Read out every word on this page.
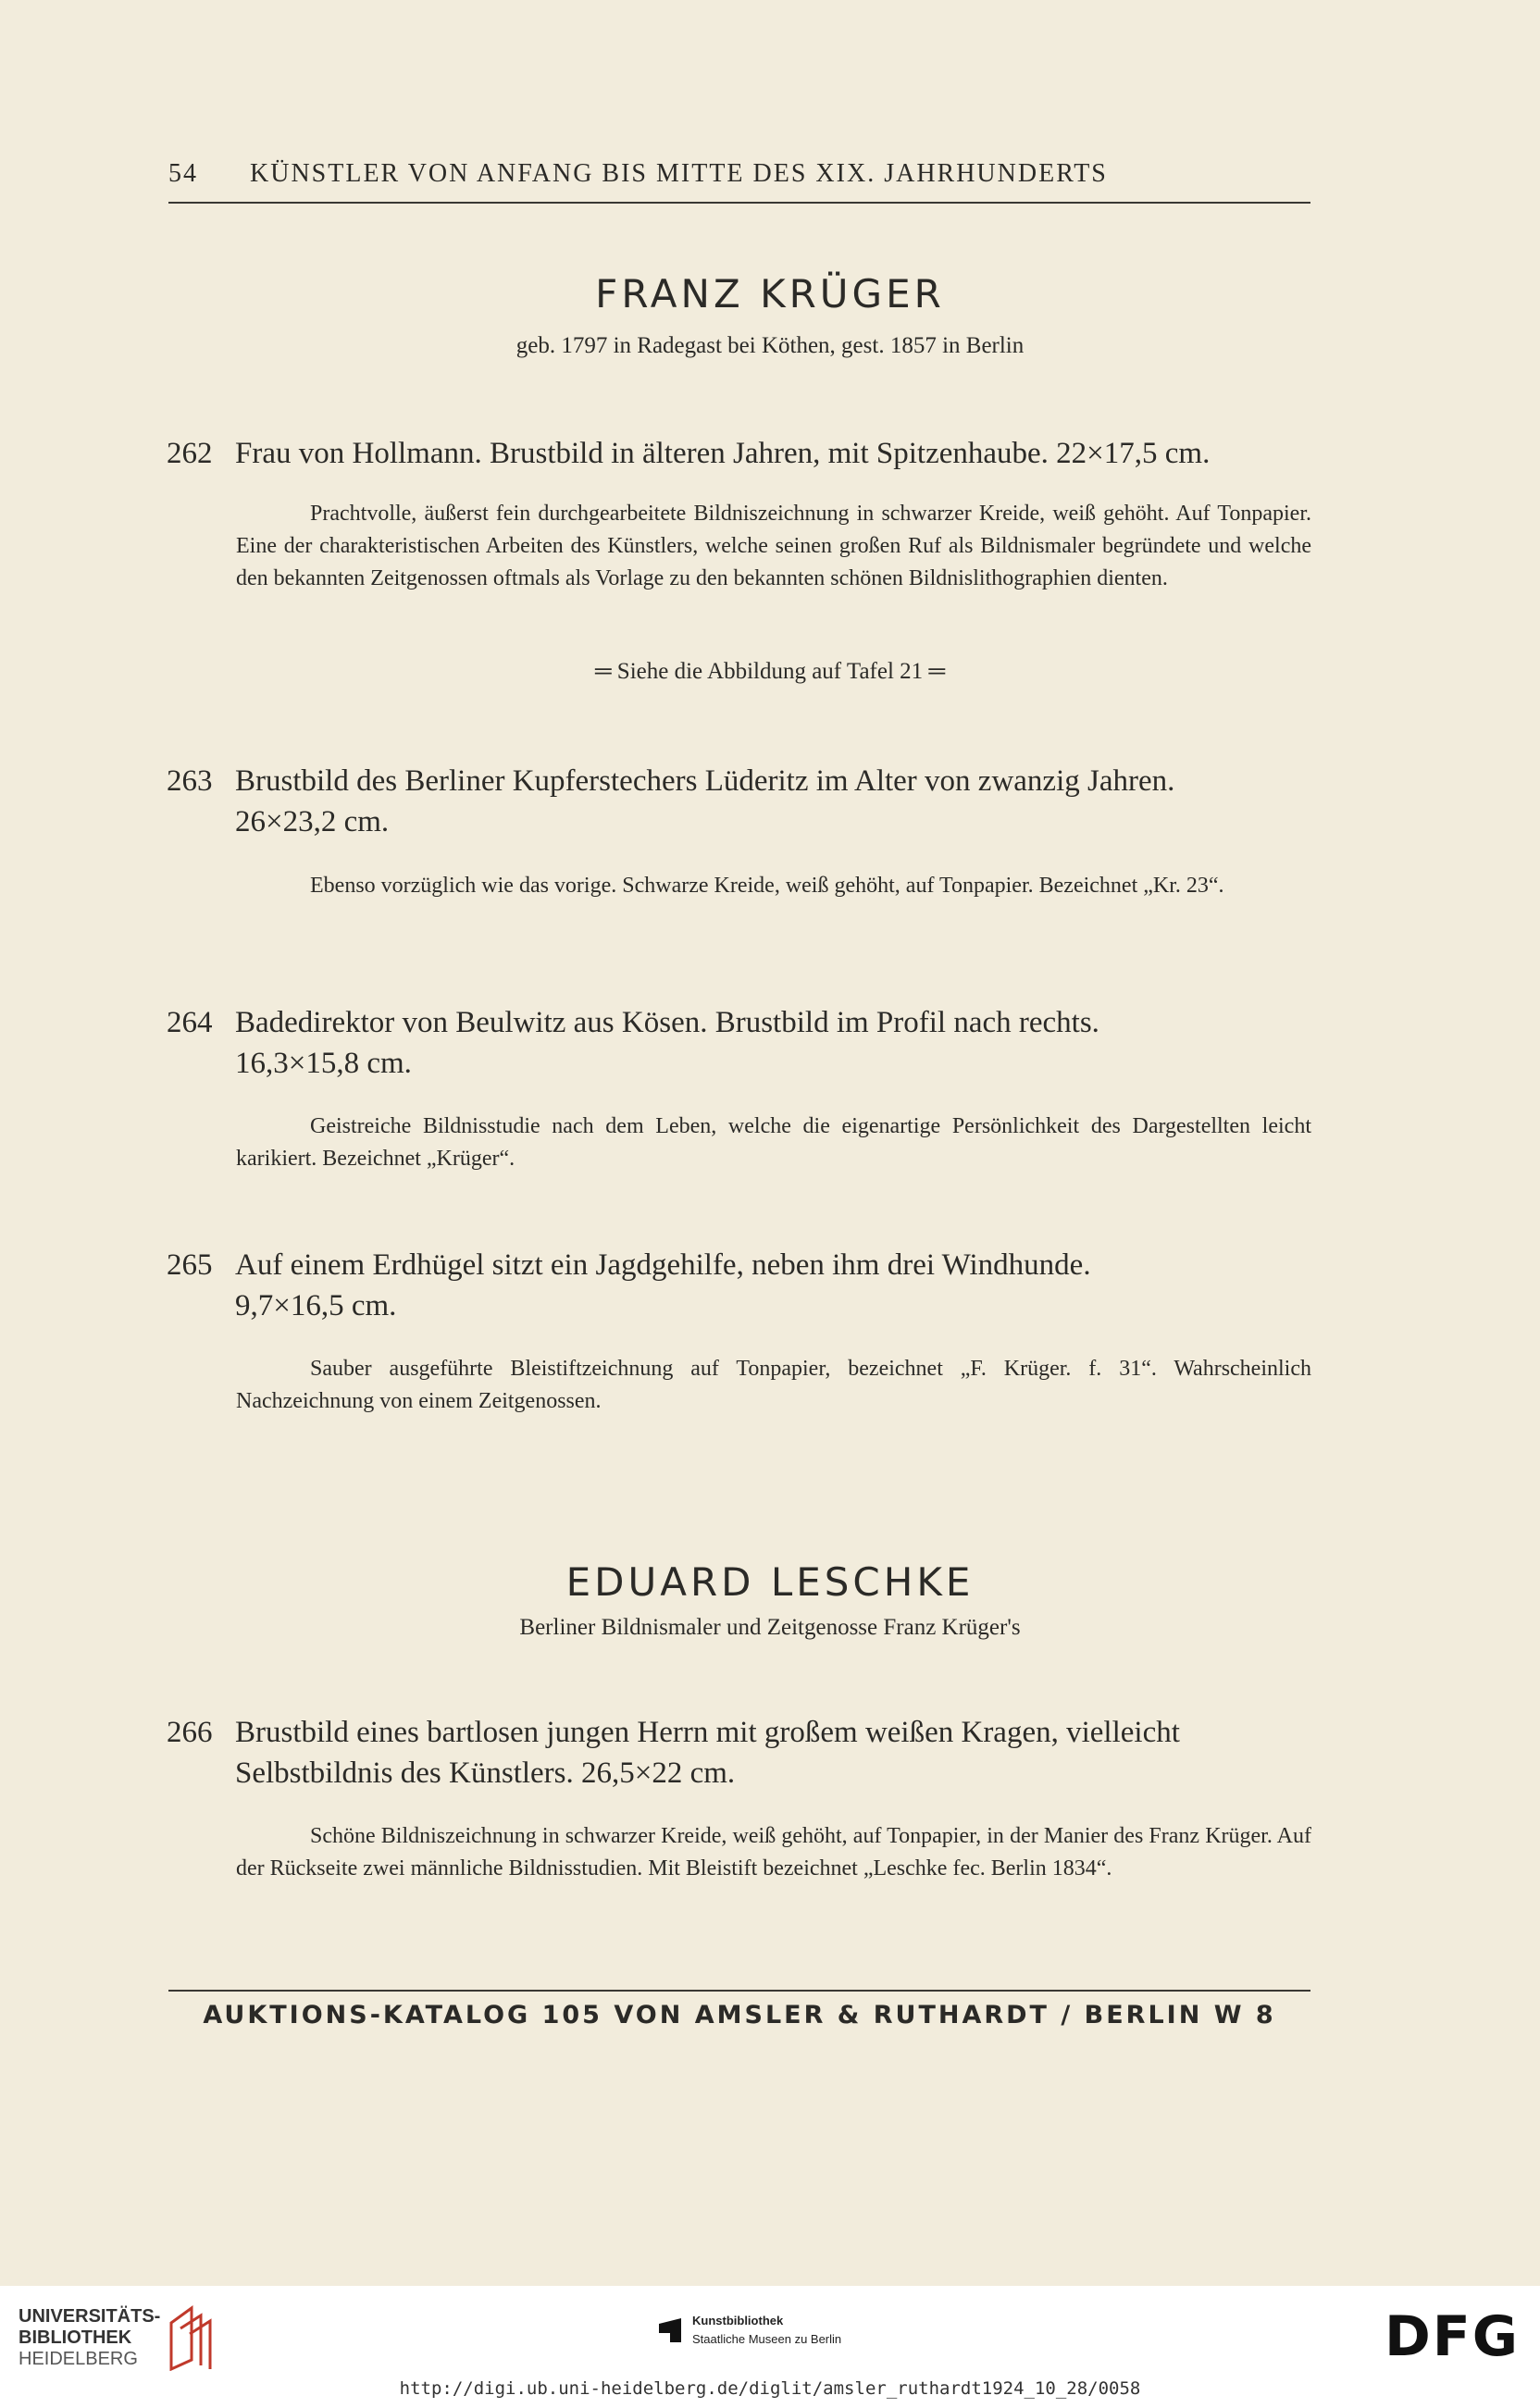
54 KÜNSTLER VON ANFANG BIS MITTE DES XIX. JAHRHUNDERTS
FRANZ KRÜGER
geb. 1797 in Radegast bei Köthen, gest. 1857 in Berlin
262 Frau von Hollmann. Brustbild in älteren Jahren, mit Spitzenhaube. 22×17,5 cm.
Prachtvolle, äußerst fein durchgearbeitete Bildniszeichnung in schwarzer Kreide, weiß gehöht. Auf Tonpapier. Eine der charakteristischen Arbeiten des Künstlers, welche seinen großen Ruf als Bildnismaler begründete und welche den bekannten Zeitgenossen oftmals als Vorlage zu den bekannten schönen Bildnislithographien dienten.
═ Siehe die Abbildung auf Tafel 21 ═
263 Brustbild des Berliner Kupferstechers Lüderitz im Alter von zwanzig Jahren.
26×23,2 cm.
Ebenso vorzüglich wie das vorige. Schwarze Kreide, weiß gehöht, auf Tonpapier. Bezeichnet „Kr. 23“.
264 Badedirektor von Beulwitz aus Kösen. Brustbild im Profil nach rechts.
16,3×15,8 cm.
Geistreiche Bildnisstudie nach dem Leben, welche die eigenartige Persönlichkeit des Dargestellten leicht karikiert. Bezeichnet „Krüger“.
265 Auf einem Erdhügel sitzt ein Jagdgehilfe, neben ihm drei Windhunde.
9,7×16,5 cm.
Sauber ausgeführte Bleistiftzeichnung auf Tonpapier, bezeichnet „F. Krüger. f. 31“. Wahrscheinlich Nachzeichnung von einem Zeitgenossen.
EDUARD LESCHKE
Berliner Bildnismaler und Zeitgenosse Franz Krüger's
266 Brustbild eines bartlosen jungen Herrn mit großem weißen Kragen, vielleicht
Selbstbildnis des Künstlers. 26,5×22 cm.
Schöne Bildniszeichnung in schwarzer Kreide, weiß gehöht, auf Tonpapier, in der Manier des Franz Krüger. Auf der Rückseite zwei männliche Bildnisstudien. Mit Bleistift bezeichnet „Leschke fec. Berlin 1834“.
AUKTIONS-KATALOG 105 VON AMSLER & RUTHARDT / BERLIN W 8
UNIVERSITÄTS-
BIBLIOTHEK
HEIDELBERG
Kunstbibliothek
Staatliche Museen zu Berlin	DFG
http://digi.ub.uni-heidelberg.de/diglit/amsler_ruthardt1924_10_28/0058
